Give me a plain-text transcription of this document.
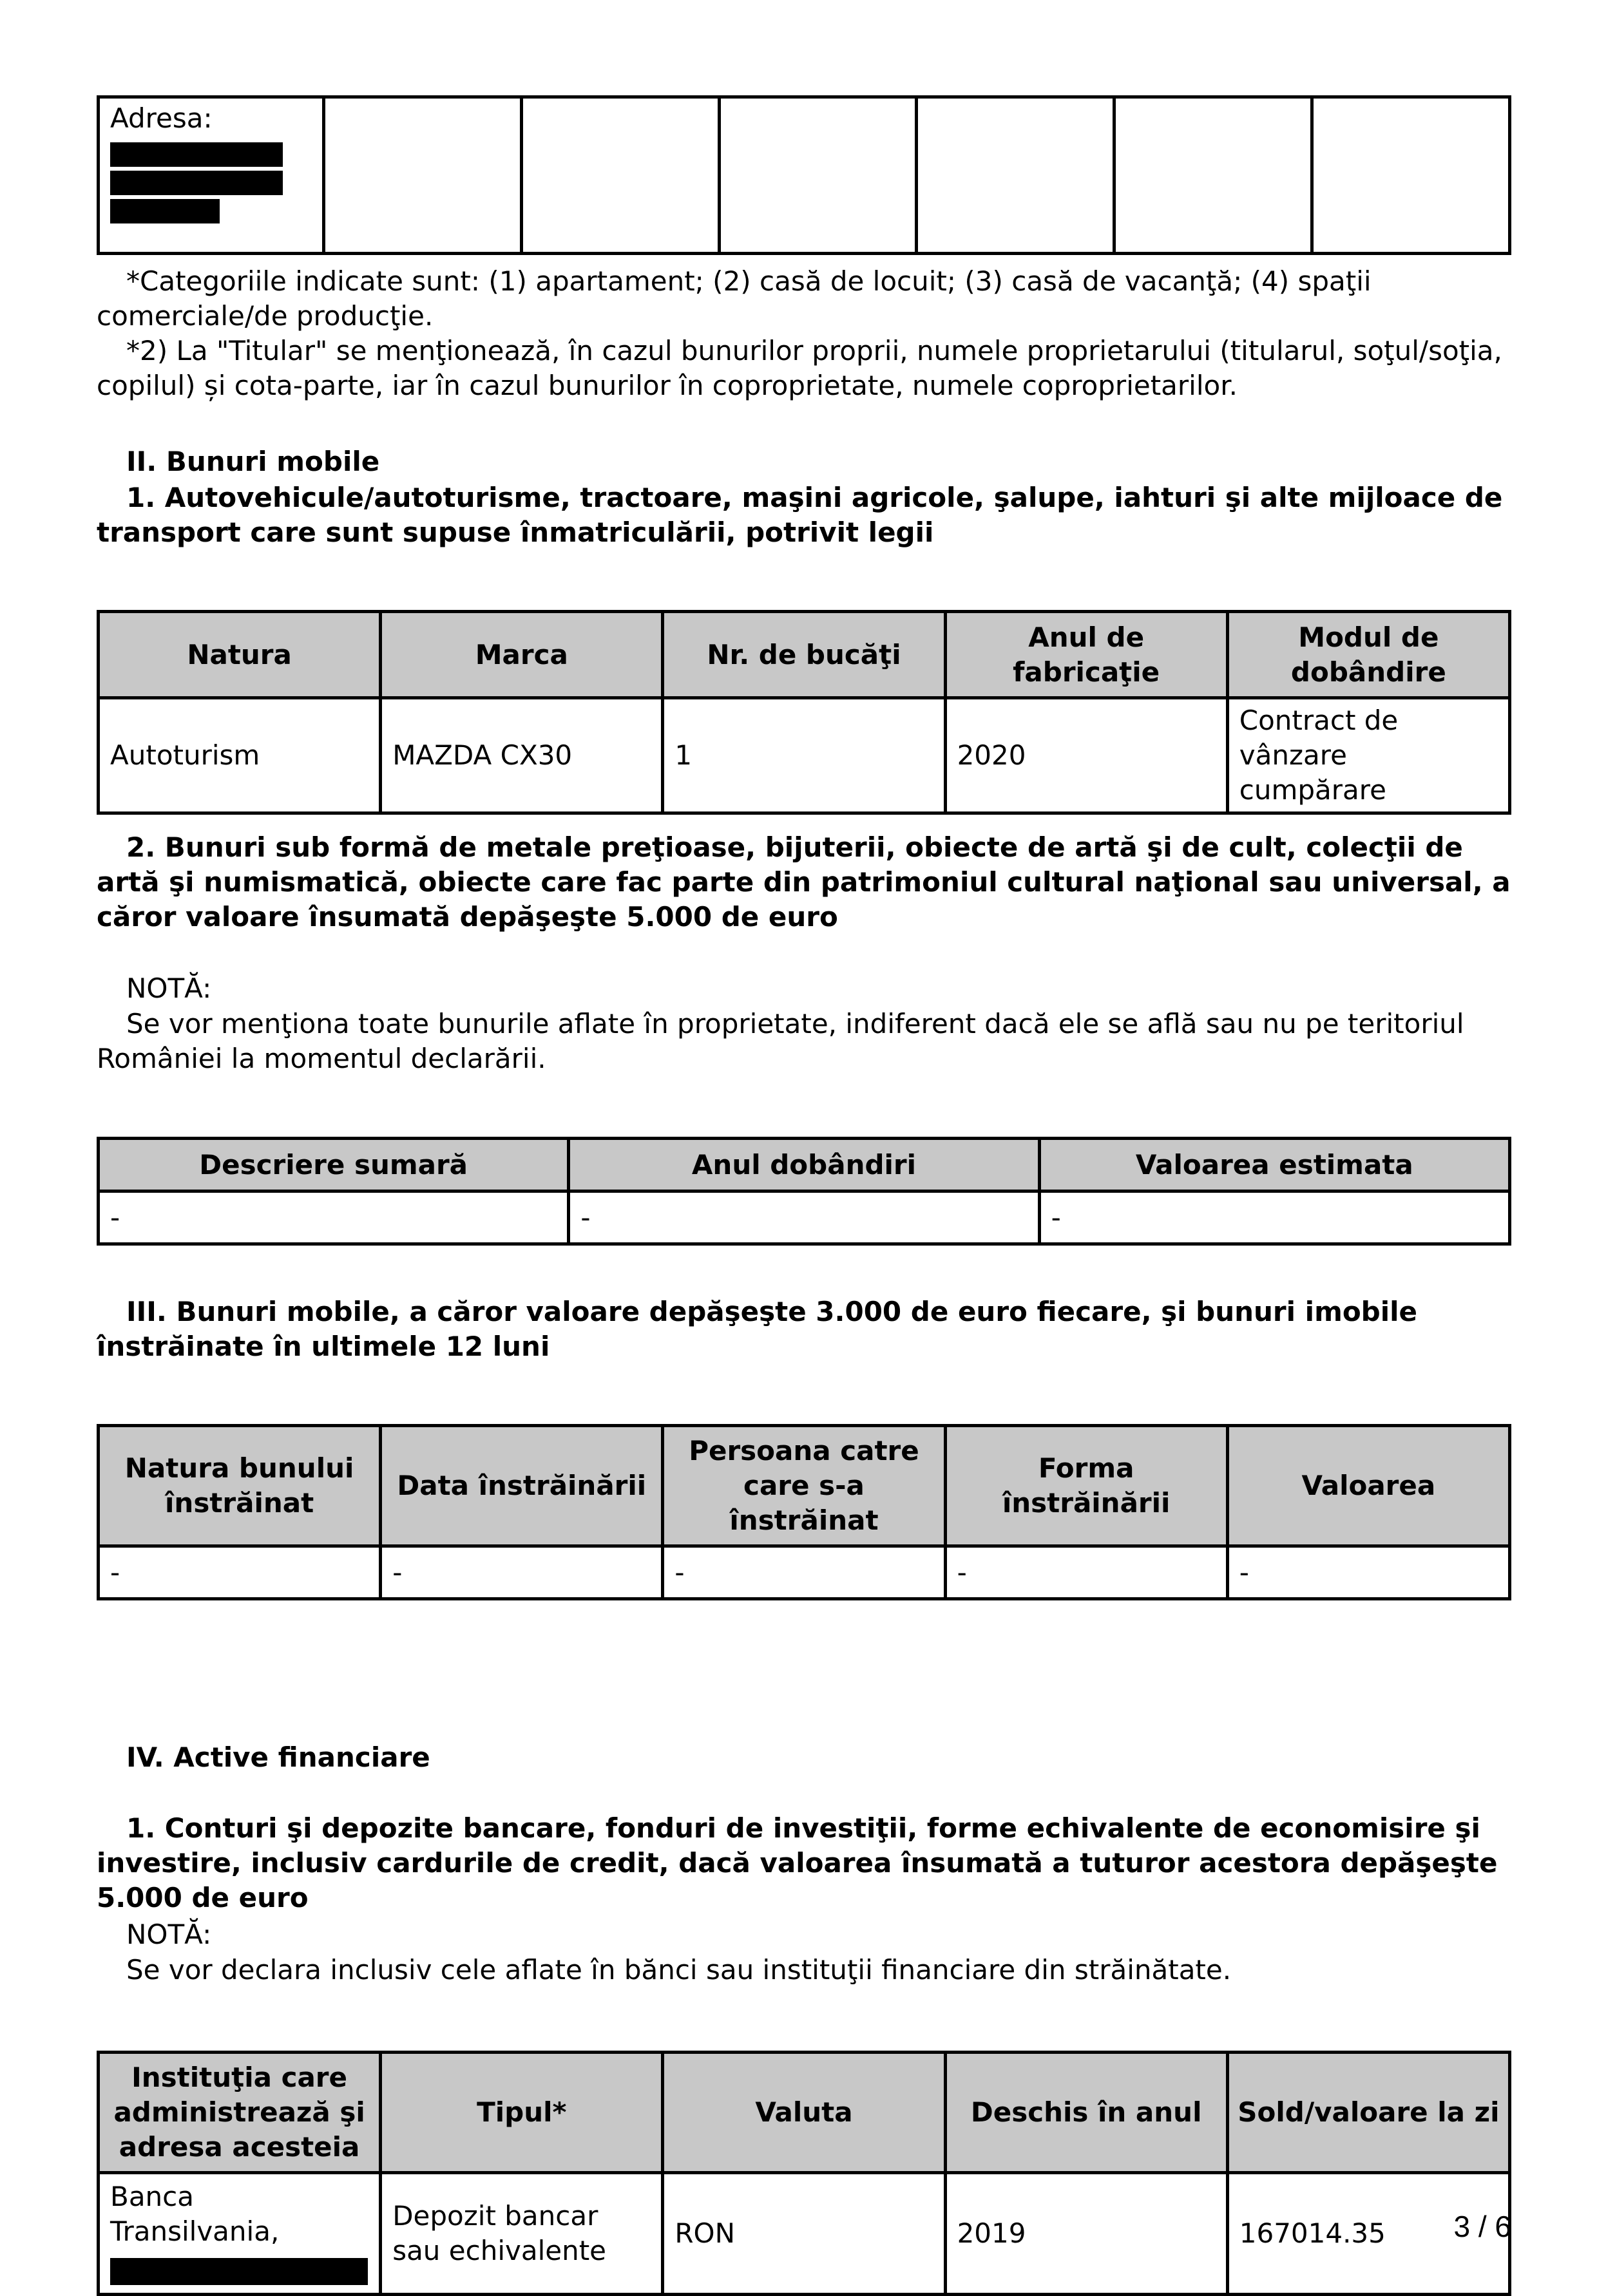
Adresa:

*Categoriile indicate sunt: (1) apartament; (2) casă de locuit; (3) casă de vacanţă; (4) spaţii comerciale/de producţie.

*2) La "Titular" se menţionează, în cazul bunurilor proprii, numele proprietarului (titularul, soţul/soţia, copilul) și cota-parte, iar în cazul bunurilor în coproprietate, numele coproprietarilor.

II. Bunuri mobile

1. Autovehicule/autoturisme, tractoare, maşini agricole, şalupe, iahturi şi alte mijloace de transport care sunt supuse înmatriculării, potrivit legii

Natura	Marca	Nr. de bucăţi	Anul de fabricaţie	Modul de dobândire
Autoturism	MAZDA CX30	1	2020	Contract de vânzare cumpărare

2. Bunuri sub formă de metale preţioase, bijuterii, obiecte de artă şi de cult, colecţii de artă şi numismatică, obiecte care fac parte din patrimoniul cultural naţional sau universal, a căror valoare însumată depăşeşte 5.000 de euro

NOTĂ:

Se vor menţiona toate bunurile aflate în proprietate, indiferent dacă ele se află sau nu pe teritoriul României la momentul declarării.

Descriere sumară	Anul dobândiri	Valoarea estimata
-	-	-

III. Bunuri mobile, a căror valoare depăşeşte 3.000 de euro fiecare, şi bunuri imobile înstrăinate în ultimele 12 luni

Natura bunului înstrăinat	Data înstrăinării	Persoana catre care s-a înstrăinat	Forma înstrăinării	Valoarea
-	-	-	-	-

IV. Active financiare

1. Conturi şi depozite bancare, fonduri de investiţii, forme echivalente de economisire şi investire, inclusiv cardurile de credit, dacă valoarea însumată a tuturor acestora depăşeşte 5.000 de euro

NOTĂ:

Se vor declara inclusiv cele aflate în bănci sau instituţii financiare din străinătate.

Instituţia care administrează şi adresa acesteia	Tipul*	Valuta	Deschis în anul	Sold/valoare la zi
Banca Transilvania,	Depozit bancar sau echivalente	RON	2019	167014.35 3 / 6
